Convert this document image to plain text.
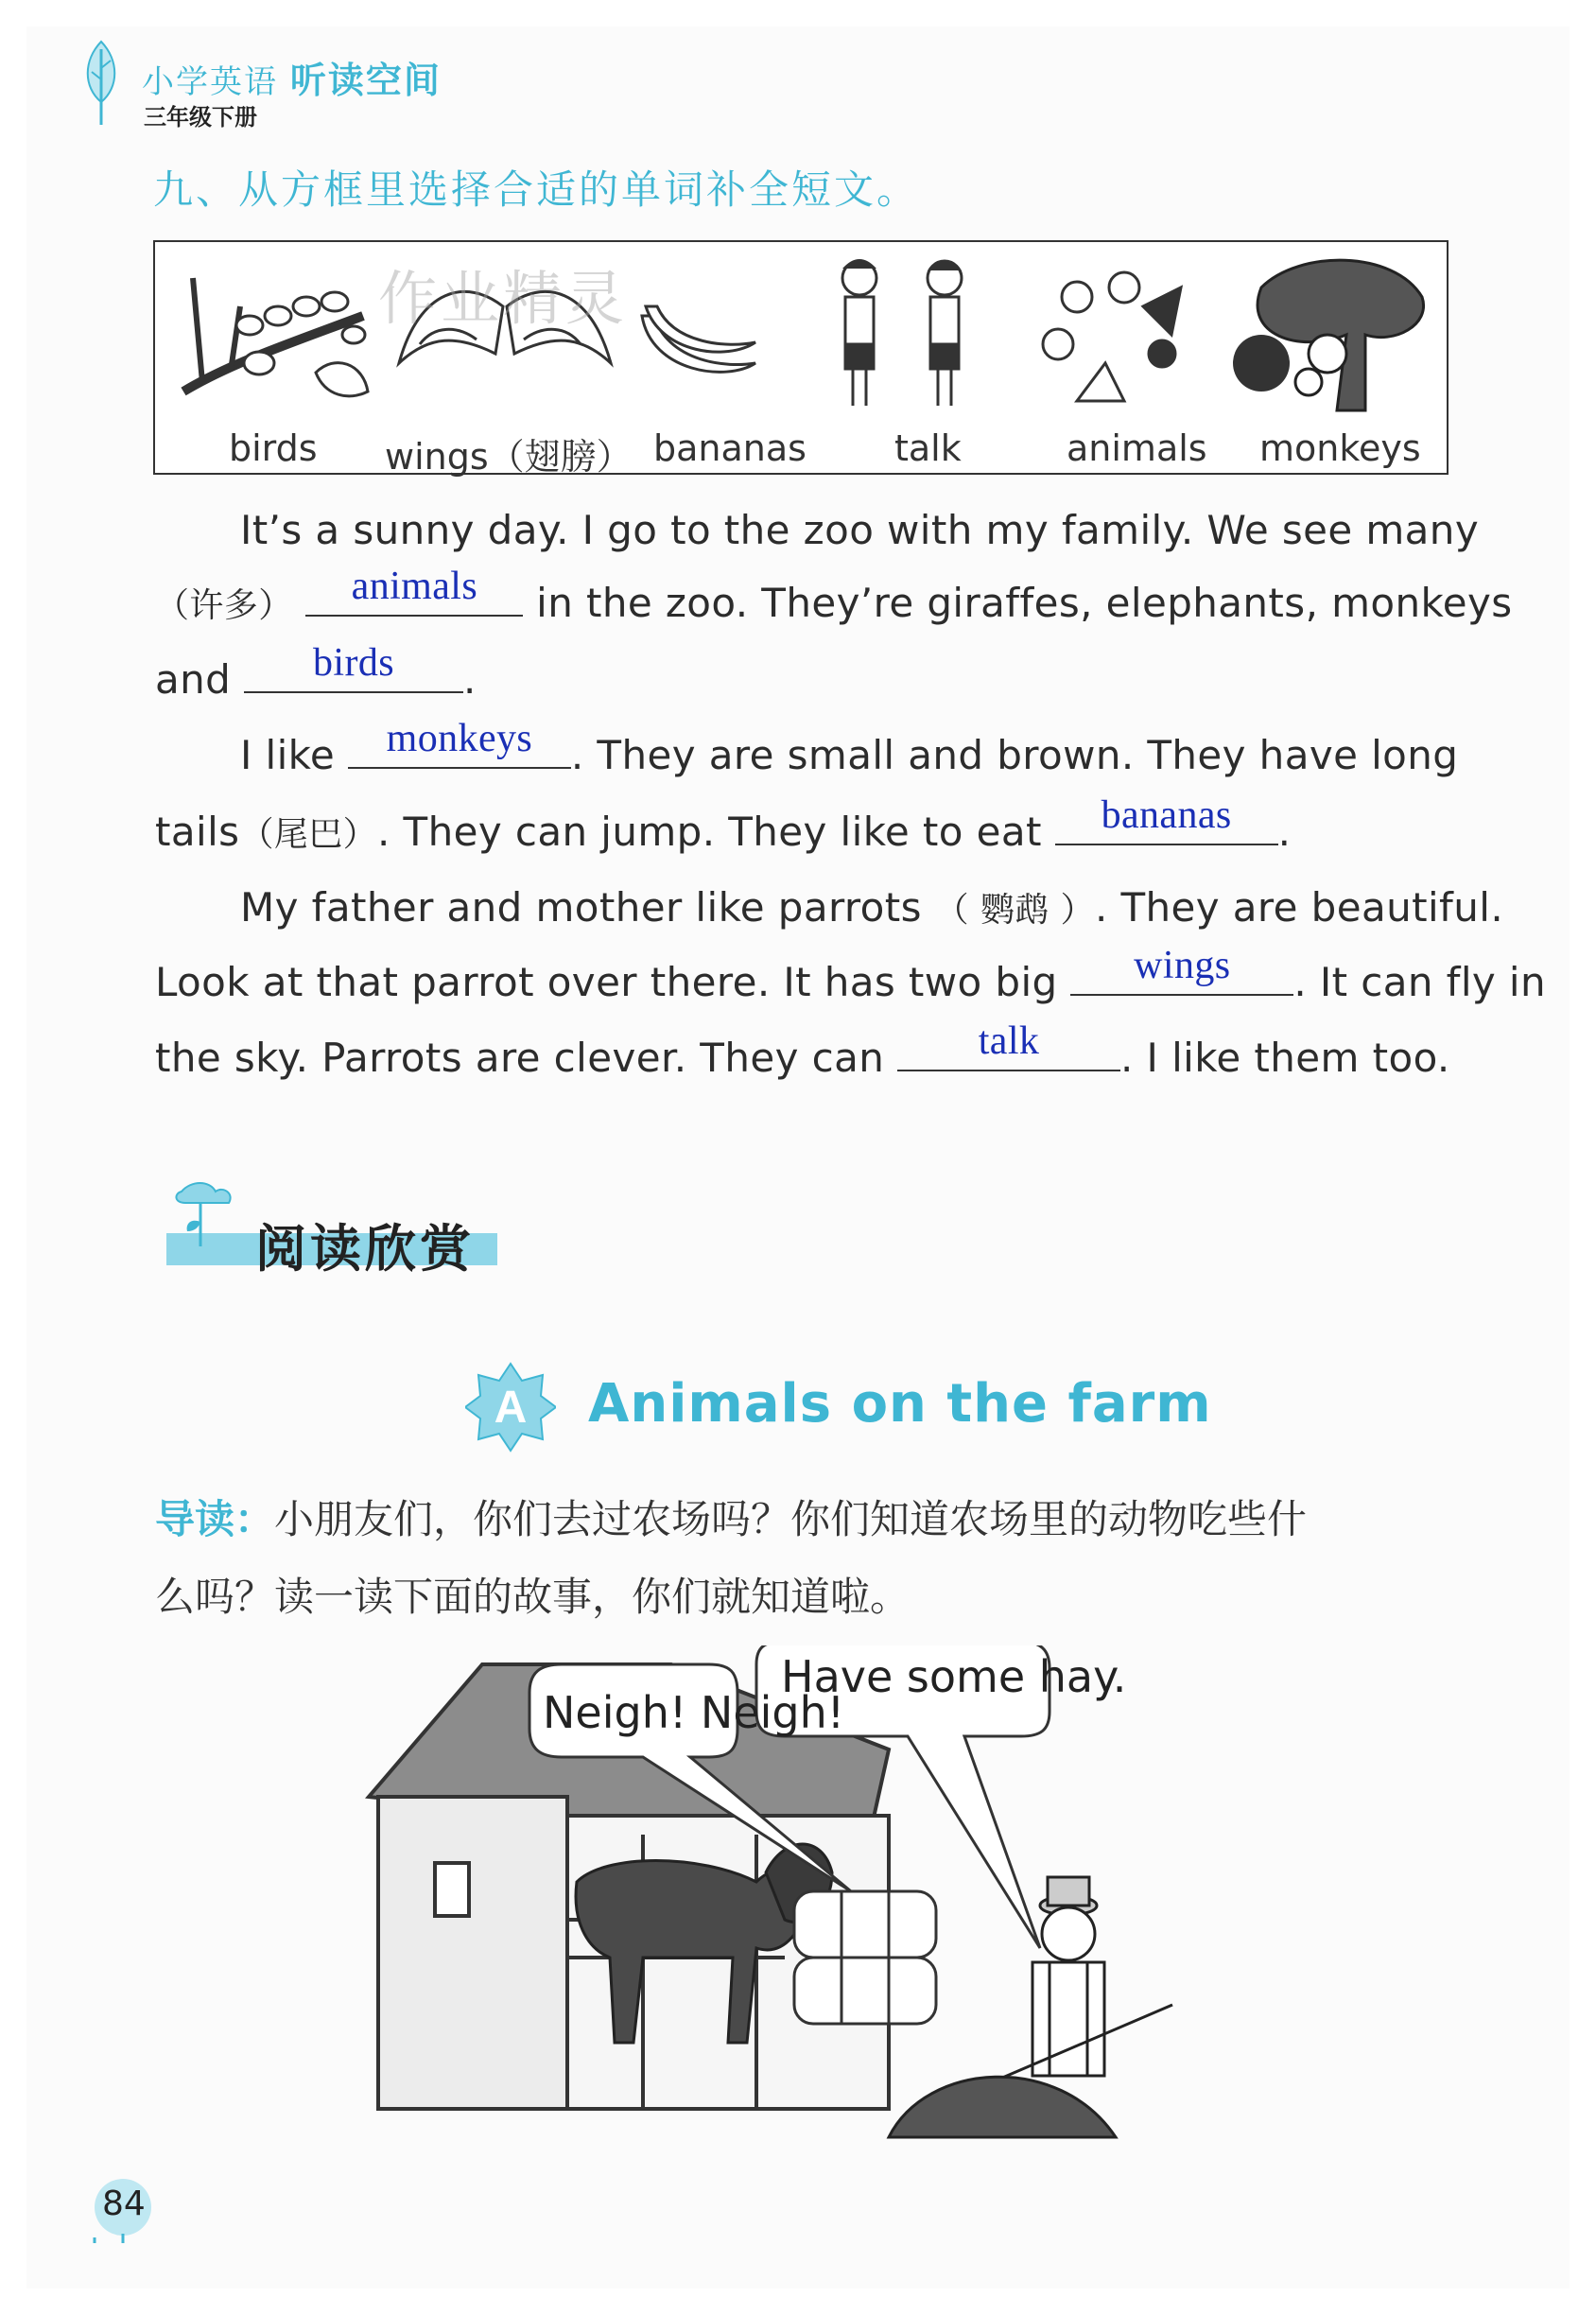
小学英语 听读空间
三年级下册
九、从方框里选择合适的单词补全短文。
作业精灵
birds wings（翅膀） bananas talk	animals monkeys
It’s a sunny day. I go to the zoo with my family. We see many
（许多）	animals	in the zoo. They’re giraffes, elephants, monkeys
and	birds	.
I like	monkeys . They are small and brown. They have long
tails（尾巴）. They can jump. They like to eat	bananas	.
My father and mother like parrots （ 鹦鹉 ）. They are beautiful.
Look at that parrot over there. It has two big	wings	. It can fly in
the sky. Parrots are clever. They can	talk	. I like them too.
阅读欣赏
A Animals on the farm
导读：小朋友们，你们去过农场吗？你们知道农场里的动物吃些什
么吗？读一读下面的故事，你们就知道啦。
Neigh! Neigh!
Have some hay.
84
